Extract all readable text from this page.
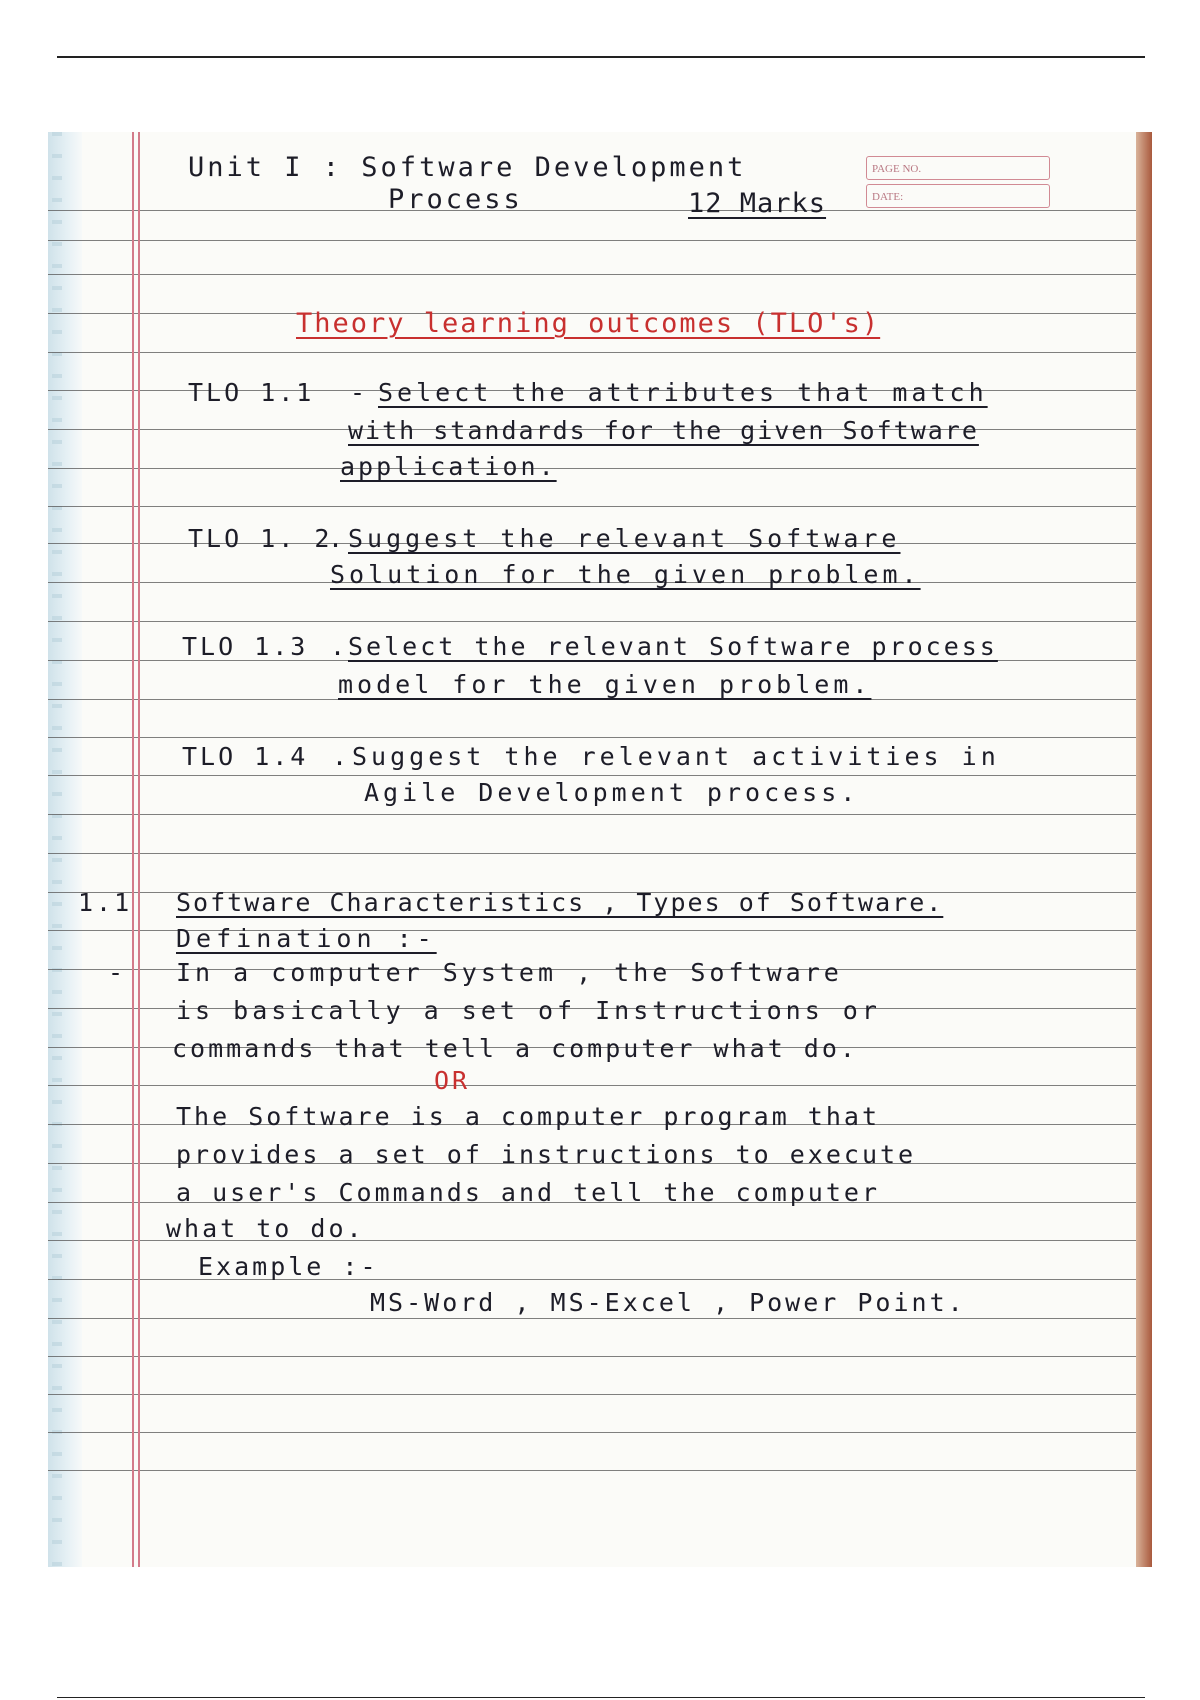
Unit I : Software Development
Process	12 Marks
PAGE NO.
DATE:
Theory learning outcomes (TLO's)
TLO 1.1 - Select the attributes that match
with standards for the given Software
application.
TLO 1. 2
. Suggest the relevant Software
Solution for the given problem.
TLO 1.3 . Select the relevant Software process
model for the given problem.
TLO 1.4 . Suggest the relevant activities in
Agile Development process.
1.1 Software Characteristics , Types of Software.
Defination :-
- In a computer System , the Software
is basically a set of Instructions or
commands that tell a computer what do.
OR
The Software is a computer program that
provides a set of instructions to execute
a user's Commands and tell the computer
what to do.
Example :-
MS-Word , MS-Excel , Power Point.
